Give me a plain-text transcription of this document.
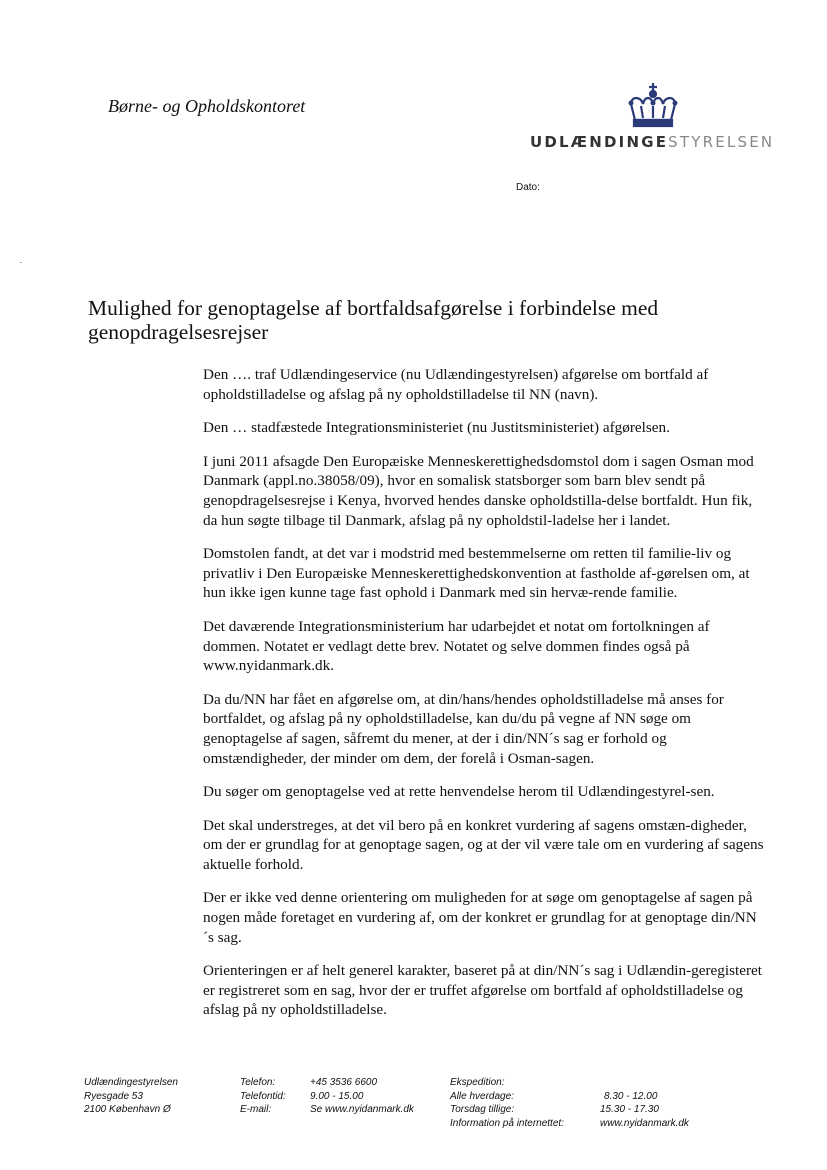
Børne- og Opholdskontoret
UDLÆNDINGESTYRELSEN
Dato:
Mulighed for genoptagelse af bortfaldsafgørelse i forbindelse med genopdragelsesrejser

Den …. traf Udlændingeservice (nu Udlændingestyrelsen) afgørelse om bortfald af opholdstilladelse og afslag på ny opholdstilladelse til NN (navn).

Den … stadfæstede Integrationsministeriet (nu Justitsministeriet) afgørelsen.

I juni 2011 afsagde Den Europæiske Menneskerettighedsdomstol dom i sagen Osman mod Danmark (appl.no.38058/09), hvor en somalisk statsborger som barn blev sendt på genopdragelsesrejse i Kenya, hvorved hendes danske opholdstilla-delse bortfaldt. Hun fik, da hun søgte tilbage til Danmark, afslag på ny opholdstil-ladelse her i landet.

Domstolen fandt, at det var i modstrid med bestemmelserne om retten til familie-liv og privatliv i Den Europæiske Menneskerettighedskonvention at fastholde af-gørelsen om, at hun ikke igen kunne tage fast ophold i Danmark med sin hervæ-rende familie.

Det daværende Integrationsministerium har udarbejdet et notat om fortolkningen af dommen. Notatet er vedlagt dette brev. Notatet og selve dommen findes også på www.nyidanmark.dk.

Da du/NN har fået en afgørelse om, at din/hans/hendes opholdstilladelse må anses for bortfaldet, og afslag på ny opholdstilladelse, kan du/du på vegne af NN søge om genoptagelse af sagen, såfremt du mener, at der i din/NN´s sag er forhold og omstændigheder, der minder om dem, der forelå i Osman-sagen.

Du søger om genoptagelse ved at rette henvendelse herom til Udlændingestyrel-sen.

Det skal understreges, at det vil bero på en konkret vurdering af sagens omstæn-digheder, om der er grundlag for at genoptage sagen, og at der vil være tale om en vurdering af sagens aktuelle forhold.

Der er ikke ved denne orientering om muligheden for at søge om genoptagelse af sagen på nogen måde foretaget en vurdering af, om der konkret er grundlag for at genoptage din/NN´s sag.

Orienteringen er af helt generel karakter, baseret på at din/NN´s sag i Udlændin-geregisteret er registreret som en sag, hvor der er truffet afgørelse om bortfald af opholdstilladelse og afslag på ny opholdstilladelse.

Udlændingestyrelsen
Ryesgade 53
2100 København Ø
Telefon:
Telefontid:
E-mail:
+45 3536 6600
9.00 - 15.00
Se www.nyidanmark.dk
Ekspedition:
Alle hverdage:
Torsdag tillige:
Information på internettet:

8.30 - 12.00
15.30 - 17.30
www.nyidanmark.dk
